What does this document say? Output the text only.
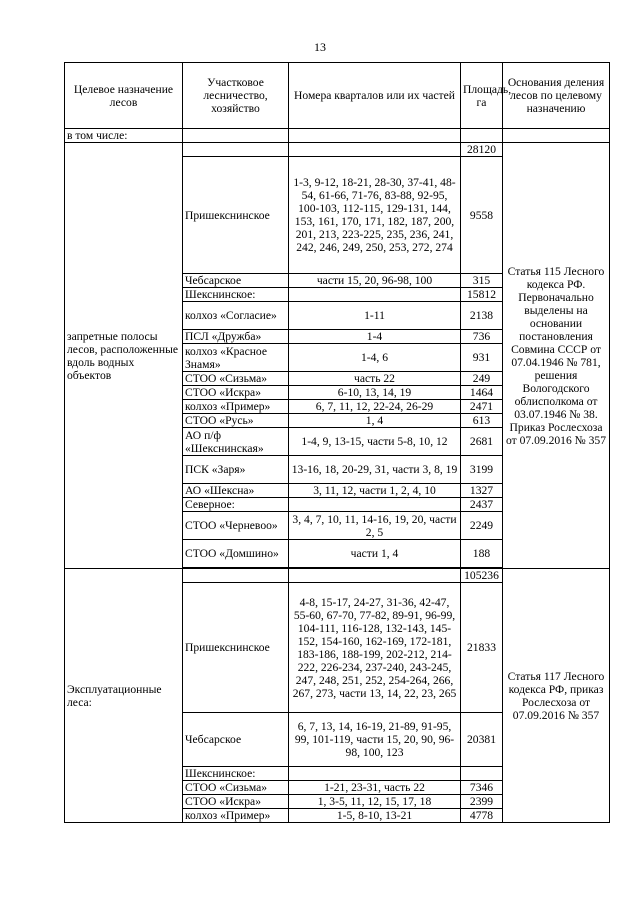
13
Целевое назначение лесов	Участковое лесничество, хозяйство	Номера кварталов или их частей	Площадь, га	Основания деления лесов по целевому назначению
в том числе:				
запретные полосы лесов, расположенные вдоль водных объектов			28120	Статья 115 Лесного кодекса РФ. Первоначально выделены на основании постановления Совмина СССР от 07.04.1946 № 781, решения Вологодского облисполкома от 03.07.1946 № 38. Приказ Рослесхоза от 07.09.2016 № 357
	Пришекснинское	1-3, 9-12, 18-21, 28-30, 37-41, 48-54, 61-66, 71-76, 83-88, 92-95, 100-103, 112-115, 129-131, 144, 153, 161, 170, 171, 182, 187, 200, 201, 213, 223-225, 235, 236, 241, 242, 246, 249, 250, 253, 272, 274	9558	
	Чебсарское	части 15, 20, 96-98, 100	315	
	Шекснинское:		15812	
	колхоз «Согласие»	1-11	2138	
	ПСЛ «Дружба»	1-4	736	
	колхоз «Красное Знамя»	1-4, 6	931	
	СТОО «Сизьма»	часть 22	249	
	СТОО «Искра»	6-10, 13, 14, 19	1464	
	колхоз «Пример»	6, 7, 11, 12, 22-24, 26-29	2471	
	СТОО «Русь»	1, 4	613	
	АО п/ф «Шекснинская»	1-4, 9, 13-15, части 5-8, 10, 12	2681	
	ПСК «Заря»	13-16, 18, 20-29, 31, части 3, 8, 19	3199	
	АО «Шексна»	3, 11, 12, части 1, 2, 4, 10	1327	
	Северное:		2437	
	СТОО «Черневоо»	3, 4, 7, 10, 11, 14-16, 19, 20, части 2, 5	2249	
	СТОО «Домшино»	части 1, 4	188	

Эксплуатационные леса:			105236	Статья 117 Лесного кодекса РФ, приказ Рослесхоза от 07.09.2016 № 357
	Пришекснинское	4-8, 15-17, 24-27, 31-36, 42-47, 55-60, 67-70, 77-82, 89-91, 96-99, 104-111, 116-128, 132-143, 145-152, 154-160, 162-169, 172-181, 183-186, 188-199, 202-212, 214-222, 226-234, 237-240, 243-245, 247, 248, 251, 252, 254-264, 266, 267, 273, части 13, 14, 22, 23, 265	21833	
	Чебсарское	6, 7, 13, 14, 16-19, 21-89, 91-95, 99, 101-119, части 15, 20, 90, 96-98, 100, 123	20381	
	Шекснинское:			
	СТОО «Сизьма»	1-21, 23-31, часть 22	7346	
	СТОО «Искра»	1, 3-5, 11, 12, 15, 17, 18	2399	
	колхоз «Пример»	1-5, 8-10, 13-21	4778	
